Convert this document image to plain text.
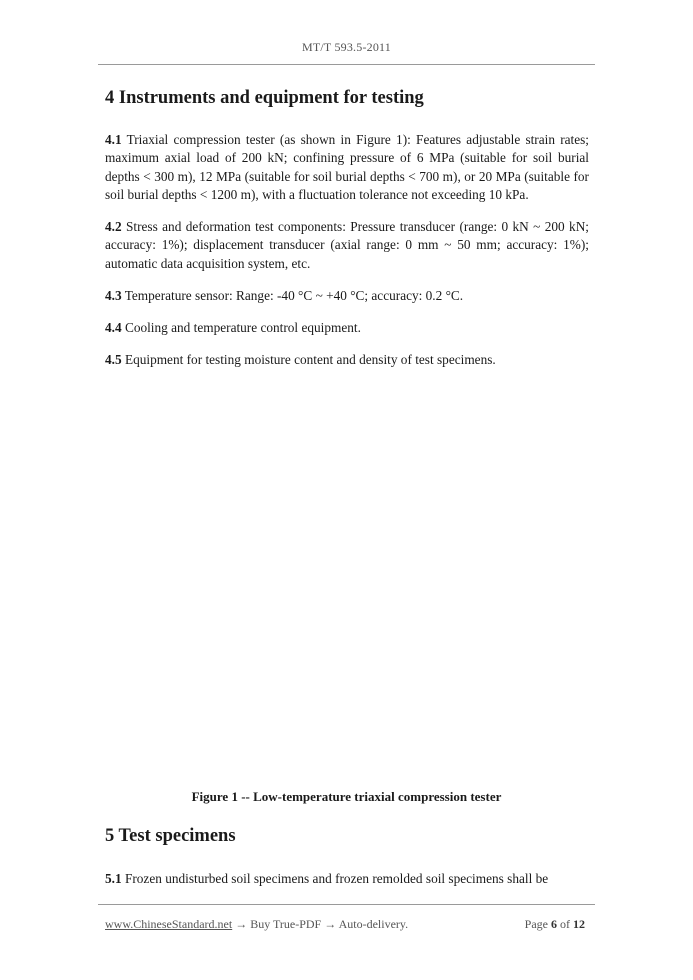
MT/T 593.5-2011
4 Instruments and equipment for testing

4.1 Triaxial compression tester (as shown in Figure 1): Features adjustable strain rates; maximum axial load of 200 kN; confining pressure of 6 MPa (suitable for soil burial depths < 300 m), 12 MPa (suitable for soil burial depths < 700 m), or 20 MPa (suitable for soil burial depths < 1200 m), with a fluctuation tolerance not exceeding 10 kPa.

4.2 Stress and deformation test components: Pressure transducer (range: 0 kN ~ 200 kN; accuracy: 1%); displacement transducer (axial range: 0 mm ~ 50 mm; accuracy: 1%); automatic data acquisition system, etc.

4.3 Temperature sensor: Range: -40 °C ~ +40 °C; accuracy: 0.2 °C.

4.4 Cooling and temperature control equipment.

4.5 Equipment for testing moisture content and density of test specimens.

Figure 1 -- Low-temperature triaxial compression tester
5 Test specimens

5.1 Frozen undisturbed soil specimens and frozen remolded soil specimens shall be

www.ChineseStandard.net → Buy True-PDF → Auto-delivery.	Page 6 of 12
